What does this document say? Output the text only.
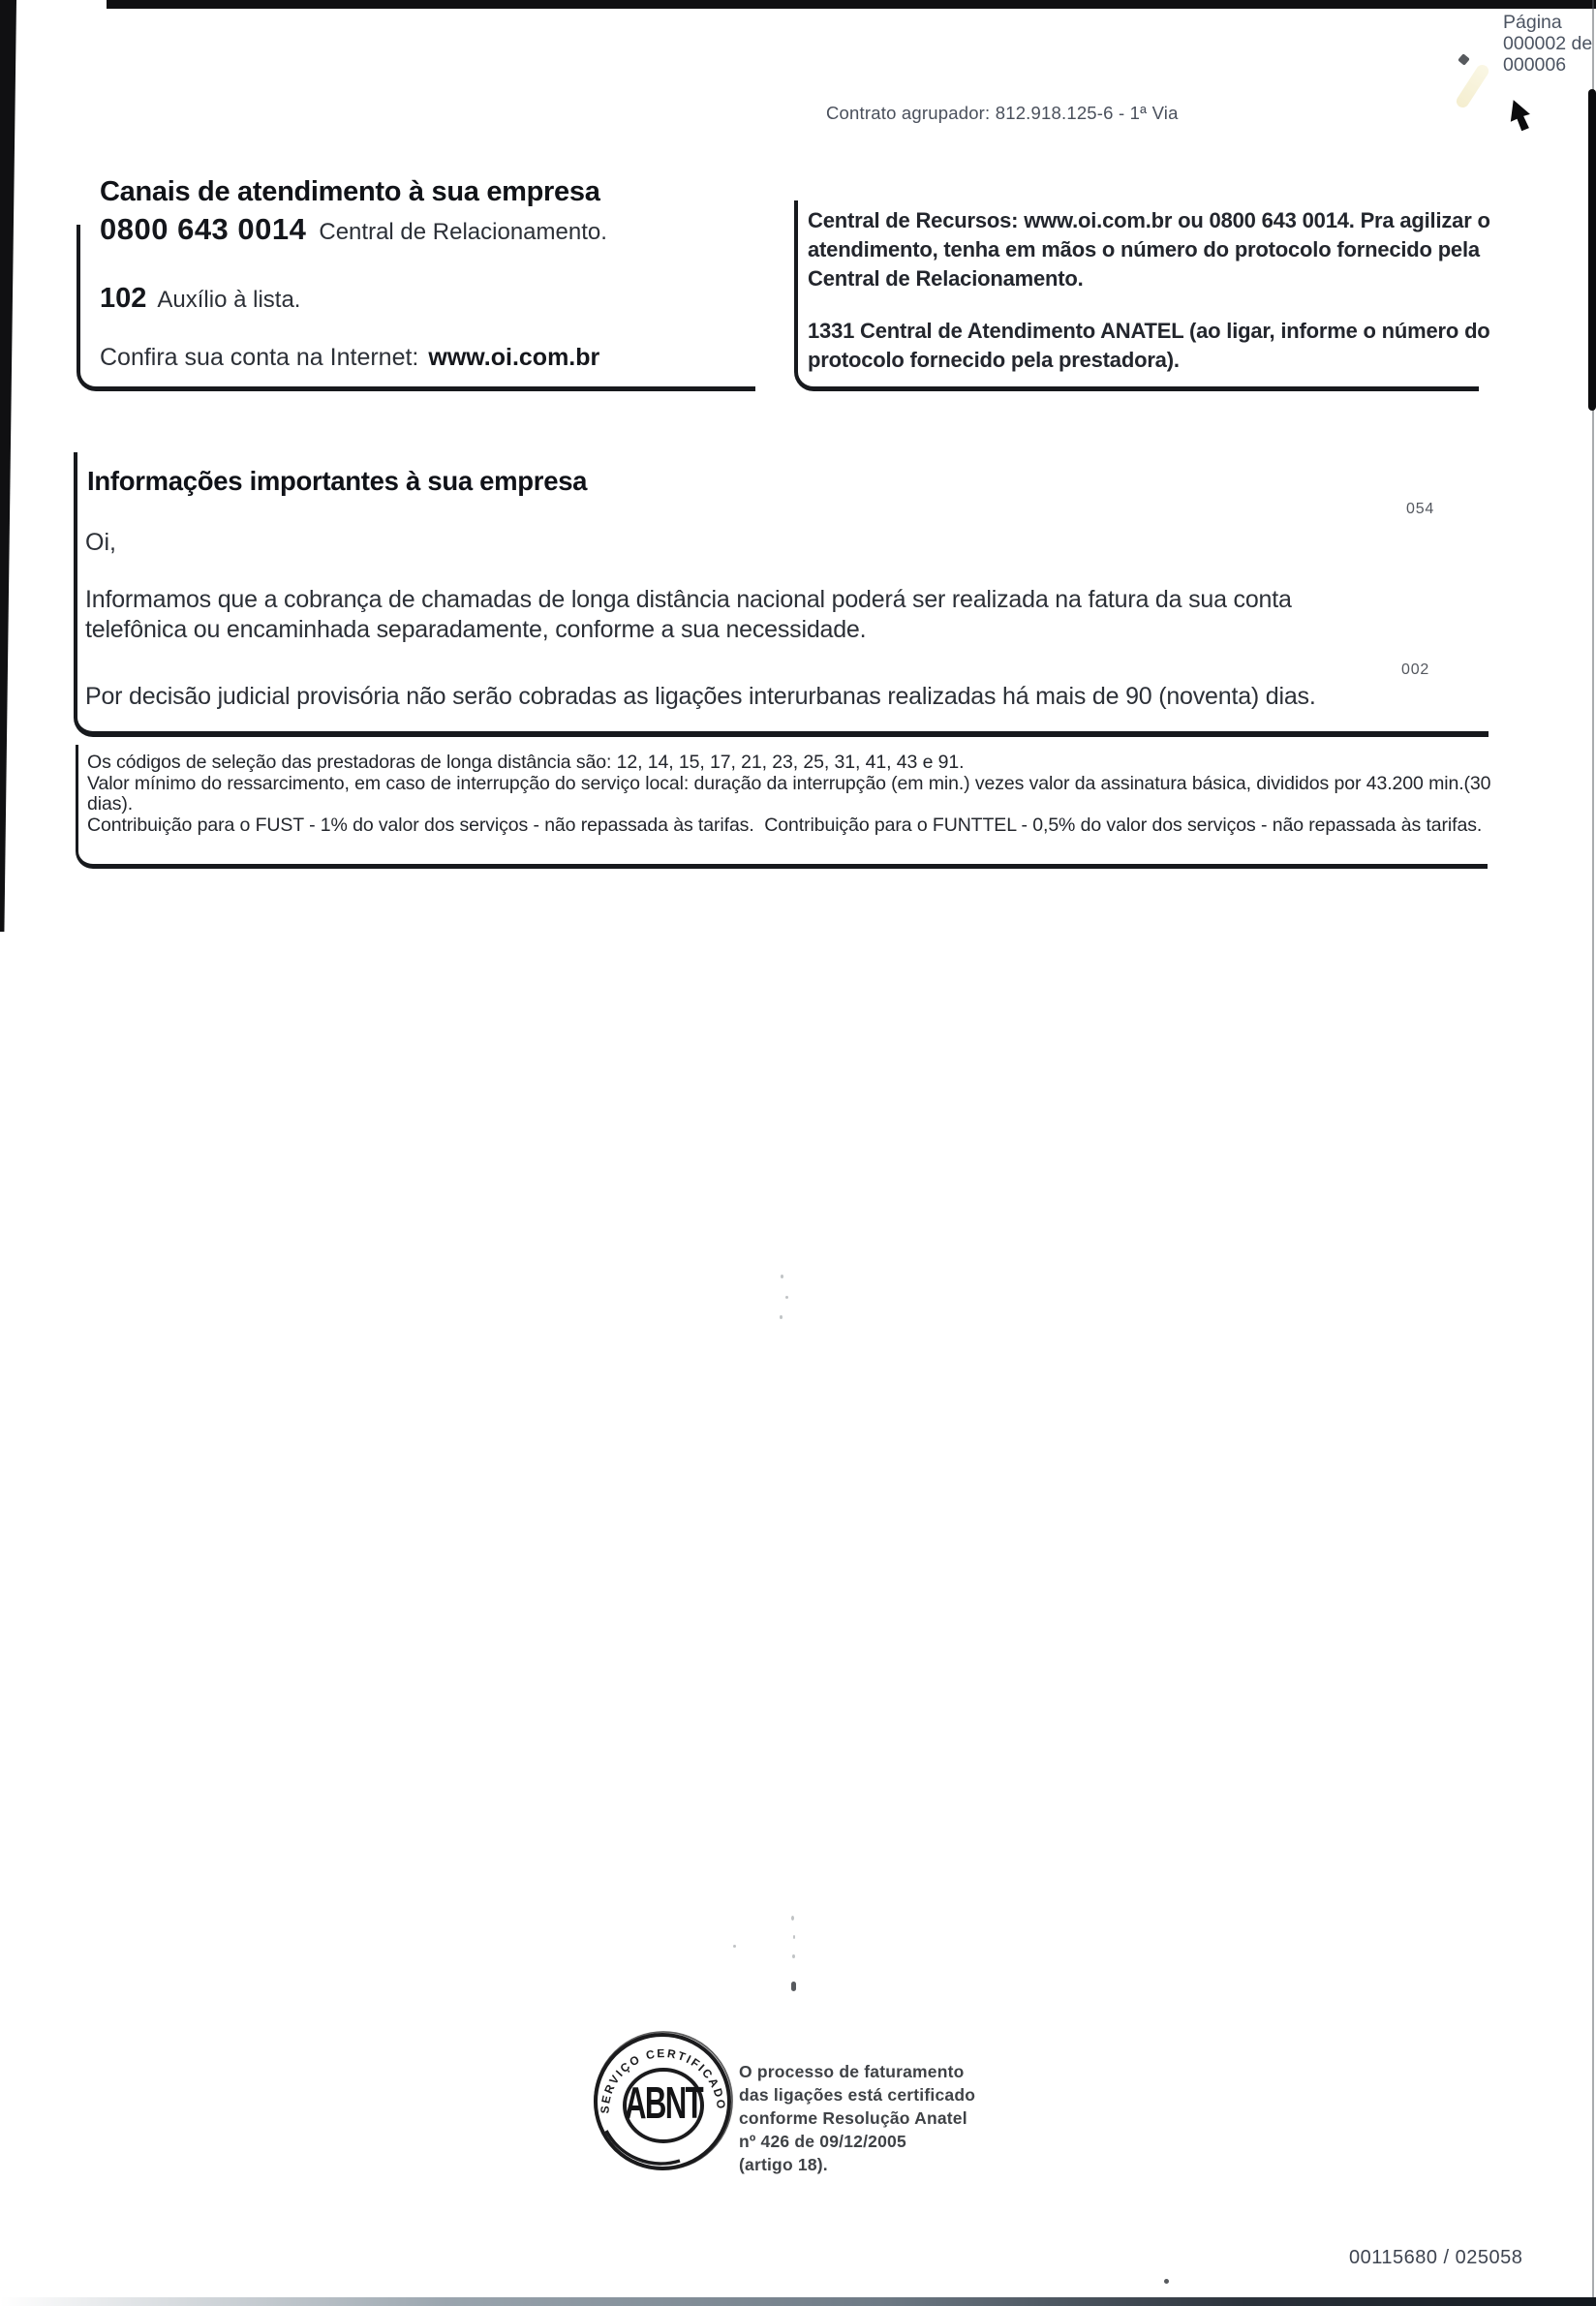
Página
000002 de
000006
Contrato agrupador: 812.918.125-6 - 1ª Via
Canais de atendimento à sua empresa
0800 643 0014 Central de Relacionamento.
102 Auxílio à lista.
Confira sua conta na Internet: www.oi.com.br
Central de Recursos: www.oi.com.br ou 0800 643 0014. Pra agilizar o
atendimento, tenha em mãos o número do protocolo fornecido pela
Central de Relacionamento.
1331 Central de Atendimento ANATEL (ao ligar, informe o número do
protocolo fornecido pela prestadora).
Informações importantes à sua empresa
054
Oi,
Informamos que a cobrança de chamadas de longa distância nacional poderá ser realizada na fatura da sua conta
telefônica ou encaminhada separadamente, conforme a sua necessidade.
002
Por decisão judicial provisória não serão cobradas as ligações interurbanas realizadas há mais de 90 (noventa) dias.
Os códigos de seleção das prestadoras de longa distância são: 12, 14, 15, 17, 21, 23, 25, 31, 41, 43 e 91.
Valor mínimo do ressarcimento, em caso de interrupção do serviço local: duração da interrupção (em min.) vezes valor da assinatura básica, divididos por 43.200 min.(30
dias).
Contribuição para o FUST - 1% do valor dos serviços - não repassada às tarifas.  Contribuição para o FUNTTEL - 0,5% do valor dos serviços - não repassada às tarifas.
SERVIÇO CERTIFICADO
ABNT
O processo de faturamento
das ligações está certificado
conforme Resolução Anatel
nº 426 de 09/12/2005
(artigo 18).
00115680 / 025058
